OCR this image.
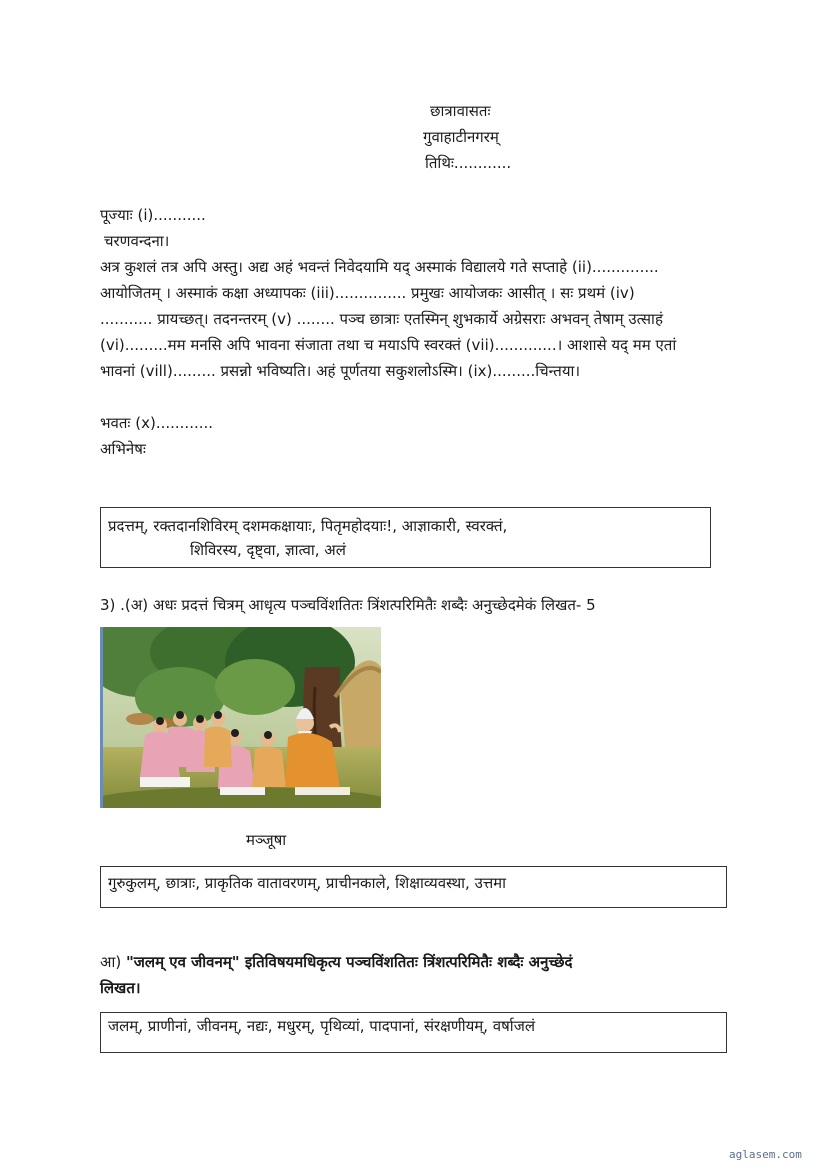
छात्रावासतः
गुवाहाटीनगरम्
तिथिः............
पूज्याः (i)...........
चरणवन्दना।
अत्र कुशलं तत्र अपि अस्तु। अद्य अहं भवन्तं निवेदयामि यद् अस्माकं विद्यालये गते सप्ताहे (ii)..............
आयोजितम् । अस्माकं कक्षा अध्यापकः (iii)............... प्रमुखः आयोजकः आसीत् । सः प्रथमं (iv)
........... प्रायच्छत्। तदनन्तरम् (v) ........ पञ्च छात्राः एतस्मिन् शुभकार्ये अग्रेसराः अभवन् तेषाम् उत्साहं
(vi).........मम मनसि अपि भावना संजाता तथा च मयाऽपि स्वरक्तं (vii).............। आशासे यद् मम एतां
भावनां (vill)......... प्रसन्नो भविष्यति। अहं पूर्णतया सकुशलोऽस्मि। (ix).........चिन्तया।
भवतः (x)............
अभिनेषः
प्रदत्तम्, रक्तदानशिविरम् दशमकक्षायाः, पितृमहोदयाः!, आज्ञाकारी, स्वरक्तं,
शिविरस्य, दृष्ट्वा, ज्ञात्वा, अलं
3) .(अ) अधः प्रदत्तं चित्रम् आधृत्य पञ्चविंशतितः त्रिंशत्परिमितैः शब्दैः अनुच्छेदमेकं लिखत- 5
मञ्जूषा
गुरुकुलम्, छात्राः, प्राकृतिक वातावरणम्, प्राचीनकाले, शिक्षाव्यवस्था, उत्तमा
आ) "जलम् एव जीवनम्" इतिविषयमधिकृत्य पञ्चविंशतितः त्रिंशत्परिमितैः शब्दैः अनुच्छेदं
लिखत।
जलम्, प्राणीनां, जीवनम्, नद्यः, मधुरम्, पृथिव्यां, पादपानां, संरक्षणीयम्, वर्षाजलं
aglasem.com
